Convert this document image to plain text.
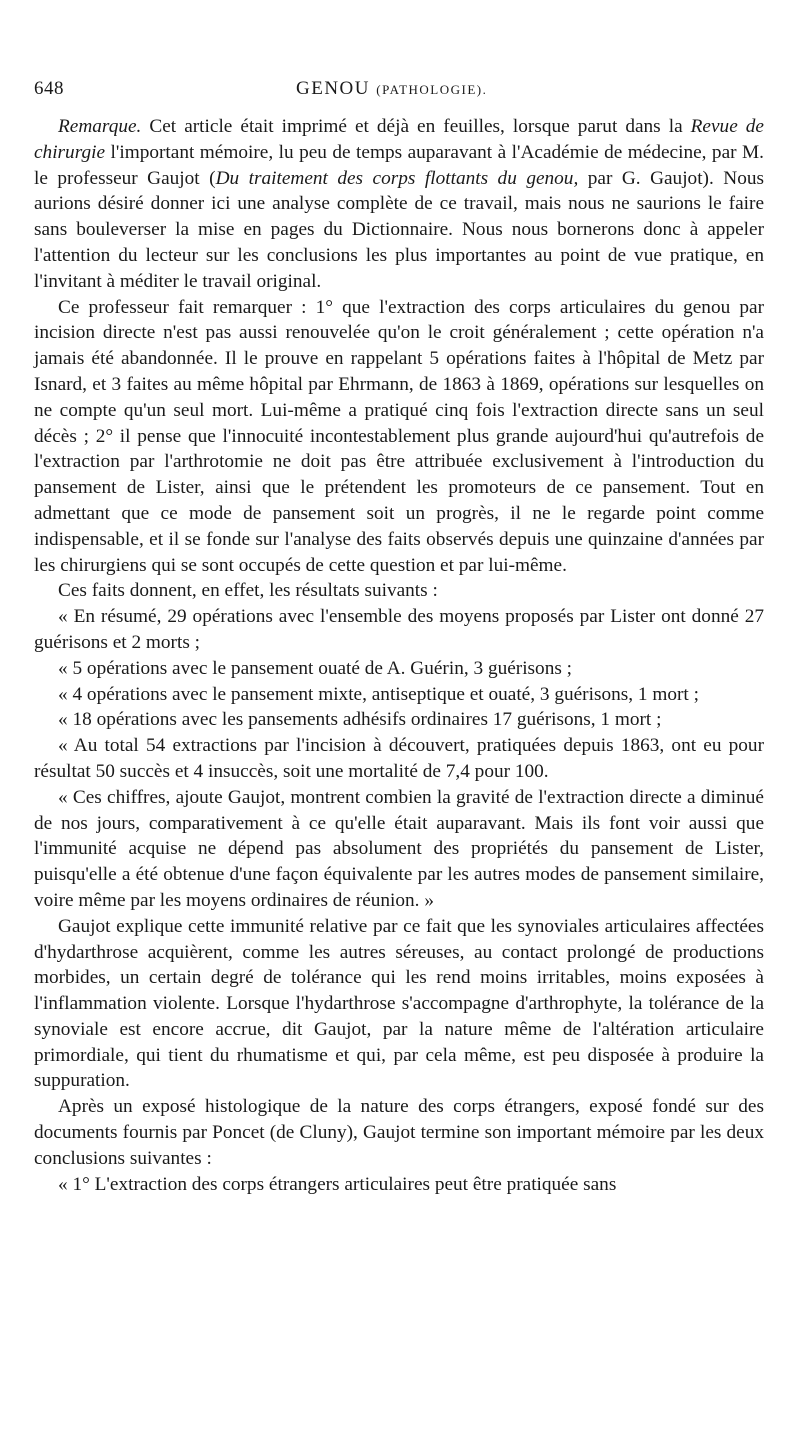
648	GENOU (PATHOLOGIE).

Remarque. Cet article était imprimé et déjà en feuilles, lorsque parut dans la Revue de chirurgie l'important mémoire, lu peu de temps auparavant à l'Académie de médecine, par M. le professeur Gaujot (Du traitement des corps flottants du genou, par G. Gaujot). Nous aurions désiré donner ici une analyse complète de ce travail, mais nous ne saurions le faire sans bouleverser la mise en pages du Dictionnaire. Nous nous bornerons donc à appeler l'attention du lecteur sur les conclusions les plus importantes au point de vue pratique, en l'invitant à méditer le travail original.

Ce professeur fait remarquer : 1° que l'extraction des corps articulaires du genou par incision directe n'est pas aussi renouvelée qu'on le croit généralement ; cette opération n'a jamais été abandonnée. Il le prouve en rappelant 5 opérations faites à l'hôpital de Metz par Isnard, et 3 faites au même hôpital par Ehrmann, de 1863 à 1869, opérations sur lesquelles on ne compte qu'un seul mort. Lui-même a pratiqué cinq fois l'extraction directe sans un seul décès ; 2° il pense que l'innocuité incontestablement plus grande aujourd'hui qu'autrefois de l'extraction par l'arthrotomie ne doit pas être attribuée exclusivement à l'introduction du pansement de Lister, ainsi que le prétendent les promoteurs de ce pansement. Tout en admettant que ce mode de pansement soit un progrès, il ne le regarde point comme indispensable, et il se fonde sur l'analyse des faits observés depuis une quinzaine d'années par les chirurgiens qui se sont occupés de cette question et par lui-même.

Ces faits donnent, en effet, les résultats suivants :

« En résumé, 29 opérations avec l'ensemble des moyens proposés par Lister ont donné 27 guérisons et 2 morts ;

« 5 opérations avec le pansement ouaté de A. Guérin, 3 guérisons ;

« 4 opérations avec le pansement mixte, antiseptique et ouaté, 3 guérisons, 1 mort ;

« 18 opérations avec les pansements adhésifs ordinaires 17 guérisons, 1 mort ;

« Au total 54 extractions par l'incision à découvert, pratiquées depuis 1863, ont eu pour résultat 50 succès et 4 insuccès, soit une mortalité de 7,4 pour 100.

« Ces chiffres, ajoute Gaujot, montrent combien la gravité de l'extraction directe a diminué de nos jours, comparativement à ce qu'elle était auparavant. Mais ils font voir aussi que l'immunité acquise ne dépend pas absolument des propriétés du pansement de Lister, puisqu'elle a été obtenue d'une façon équivalente par les autres modes de pansement similaire, voire même par les moyens ordinaires de réunion. »

Gaujot explique cette immunité relative par ce fait que les synoviales articulaires affectées d'hydarthrose acquièrent, comme les autres séreuses, au contact prolongé de productions morbides, un certain degré de tolérance qui les rend moins irritables, moins exposées à l'inflammation violente. Lorsque l'hydarthrose s'accompagne d'arthrophyte, la tolérance de la synoviale est encore accrue, dit Gaujot, par la nature même de l'altération articulaire primordiale, qui tient du rhumatisme et qui, par cela même, est peu disposée à produire la suppuration.

Après un exposé histologique de la nature des corps étrangers, exposé fondé sur des documents fournis par Poncet (de Cluny), Gaujot termine son important mémoire par les deux conclusions suivantes :

« 1° L'extraction des corps étrangers articulaires peut être pratiquée sans
